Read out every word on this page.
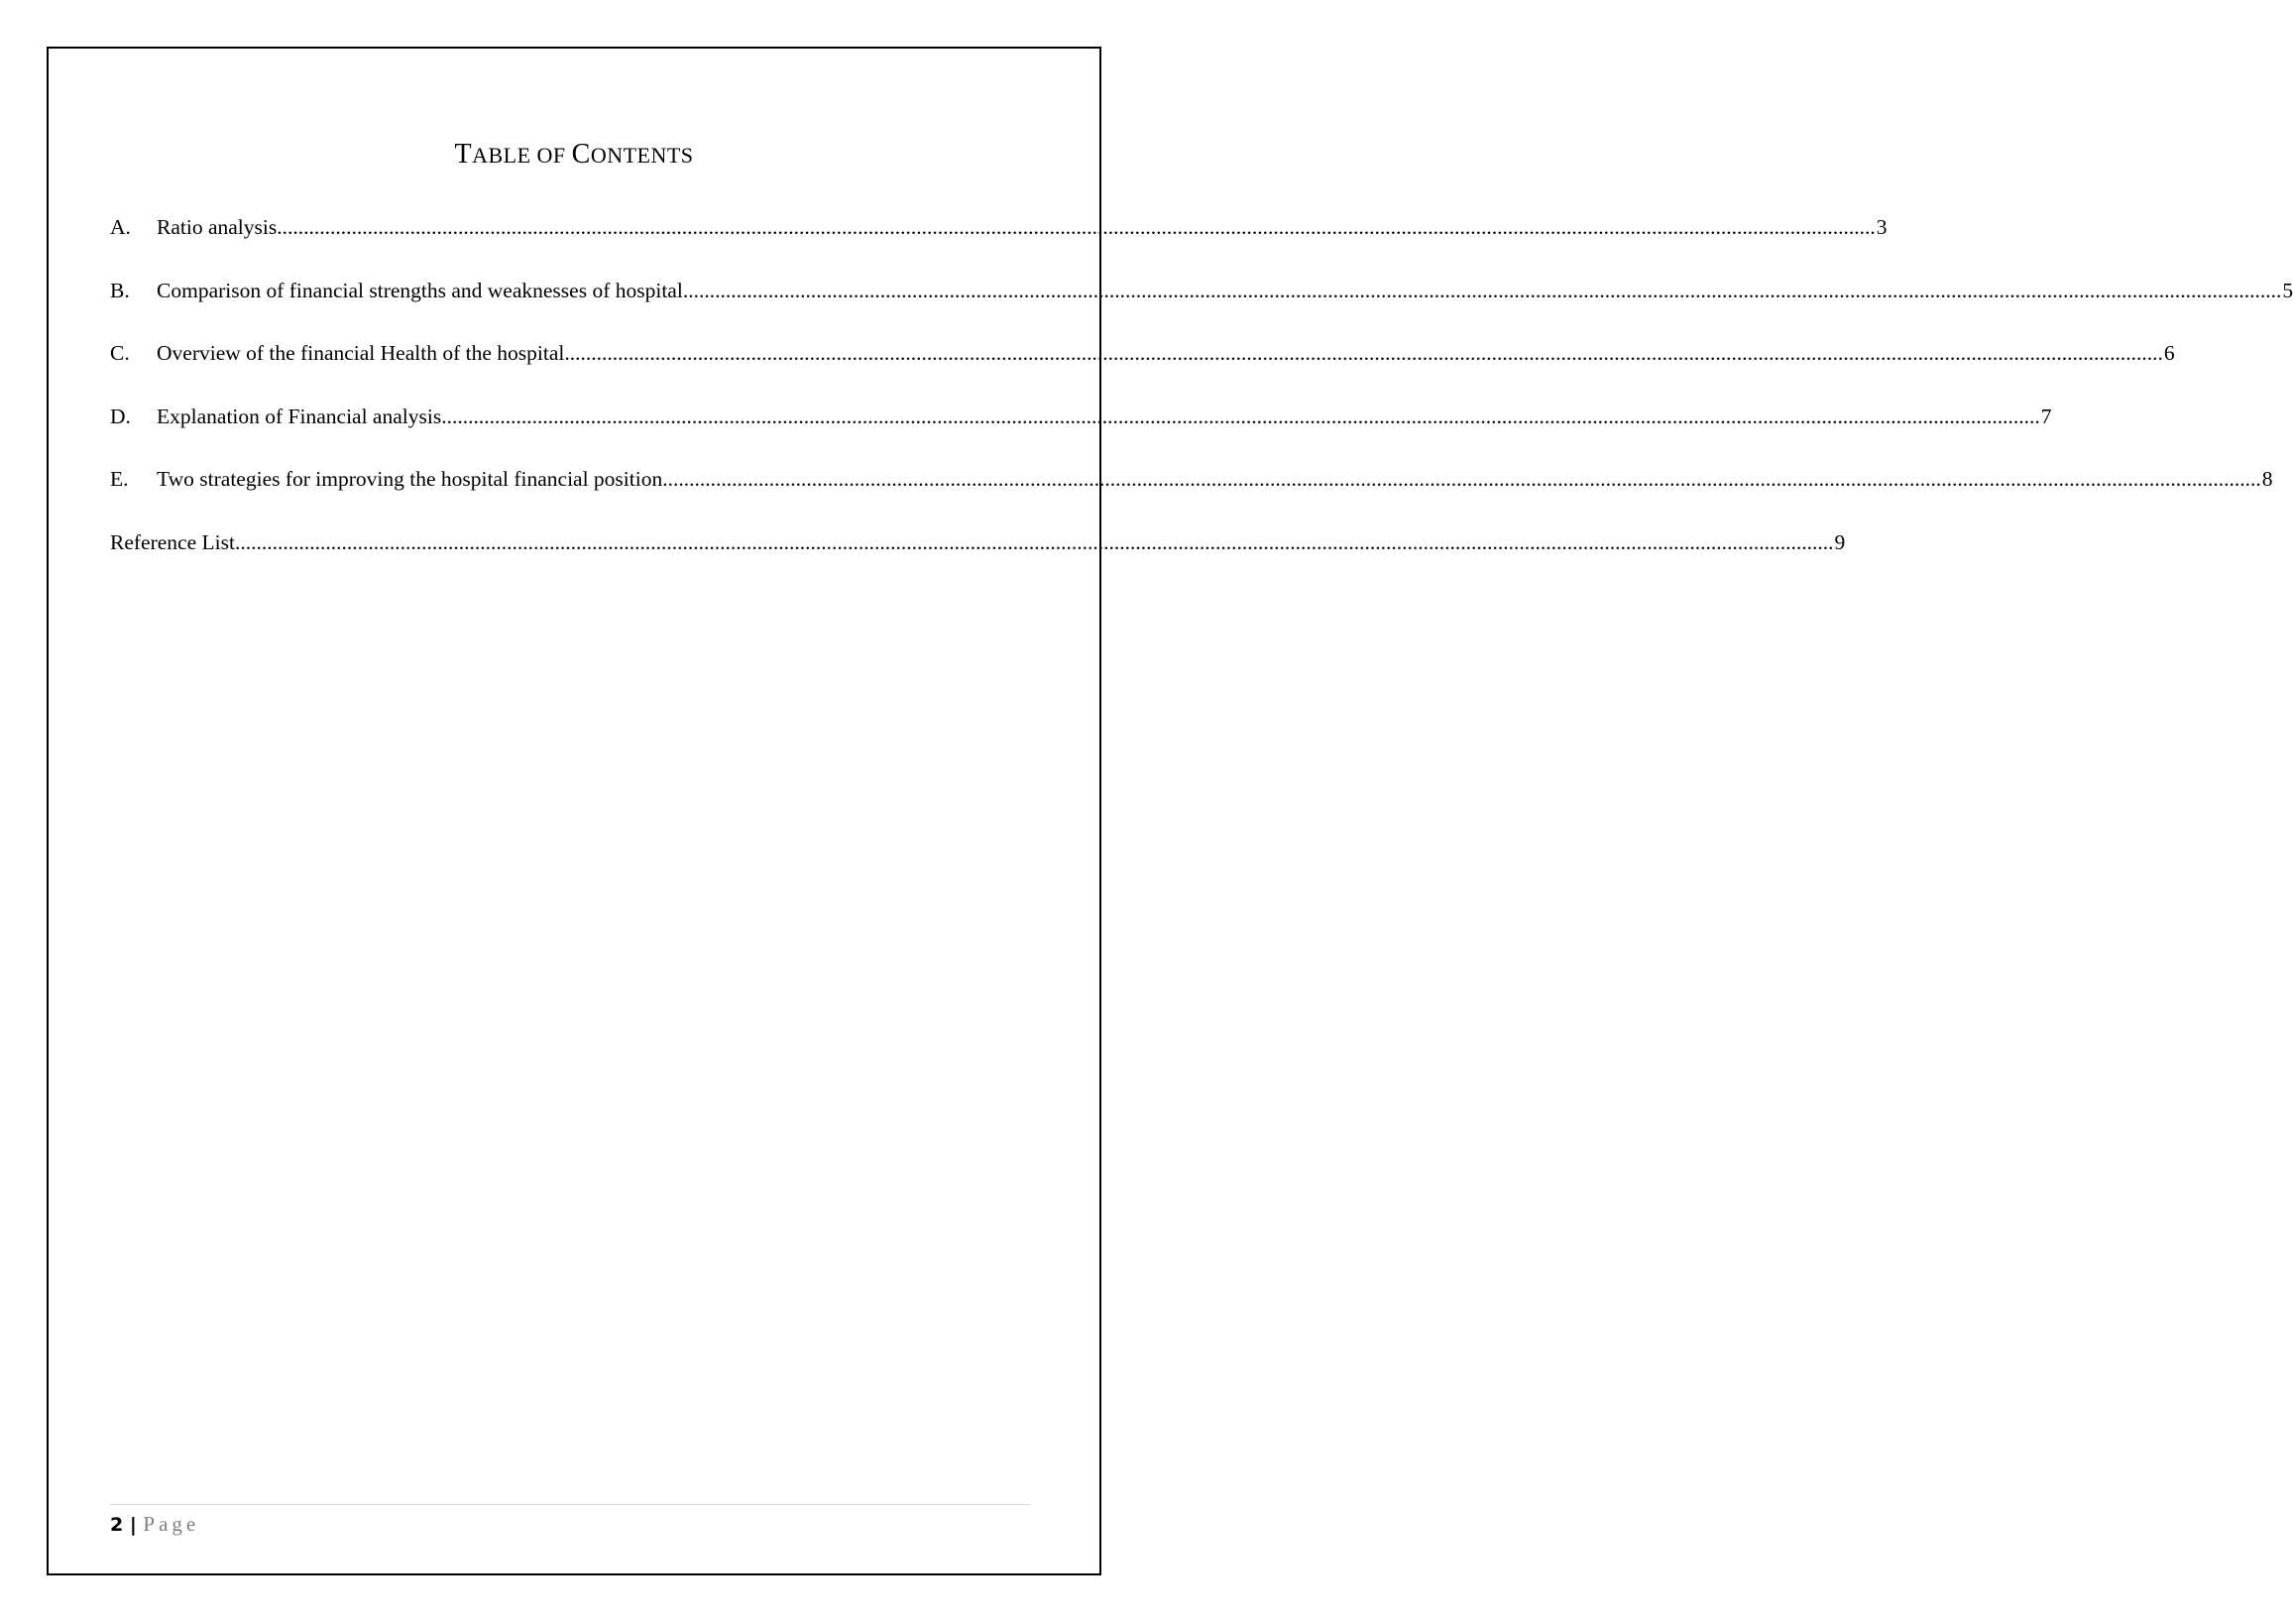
TABLE OF CONTENTS
A.	Ratio analysis ............................................................................................................................................................................................................................................................................................................ 3
B.	Comparison of financial strengths and weaknesses of hospital ............................................................................................................................................................................................................................................................................................................ 5
C.	Overview of the financial Health of the hospital ............................................................................................................................................................................................................................................................................................................ 6
D.	Explanation of Financial analysis ............................................................................................................................................................................................................................................................................................................ 7
E.	Two strategies for improving the hospital financial position ............................................................................................................................................................................................................................................................................................................ 8
Reference List ............................................................................................................................................................................................................................................................................................................ 9
2 | Page
